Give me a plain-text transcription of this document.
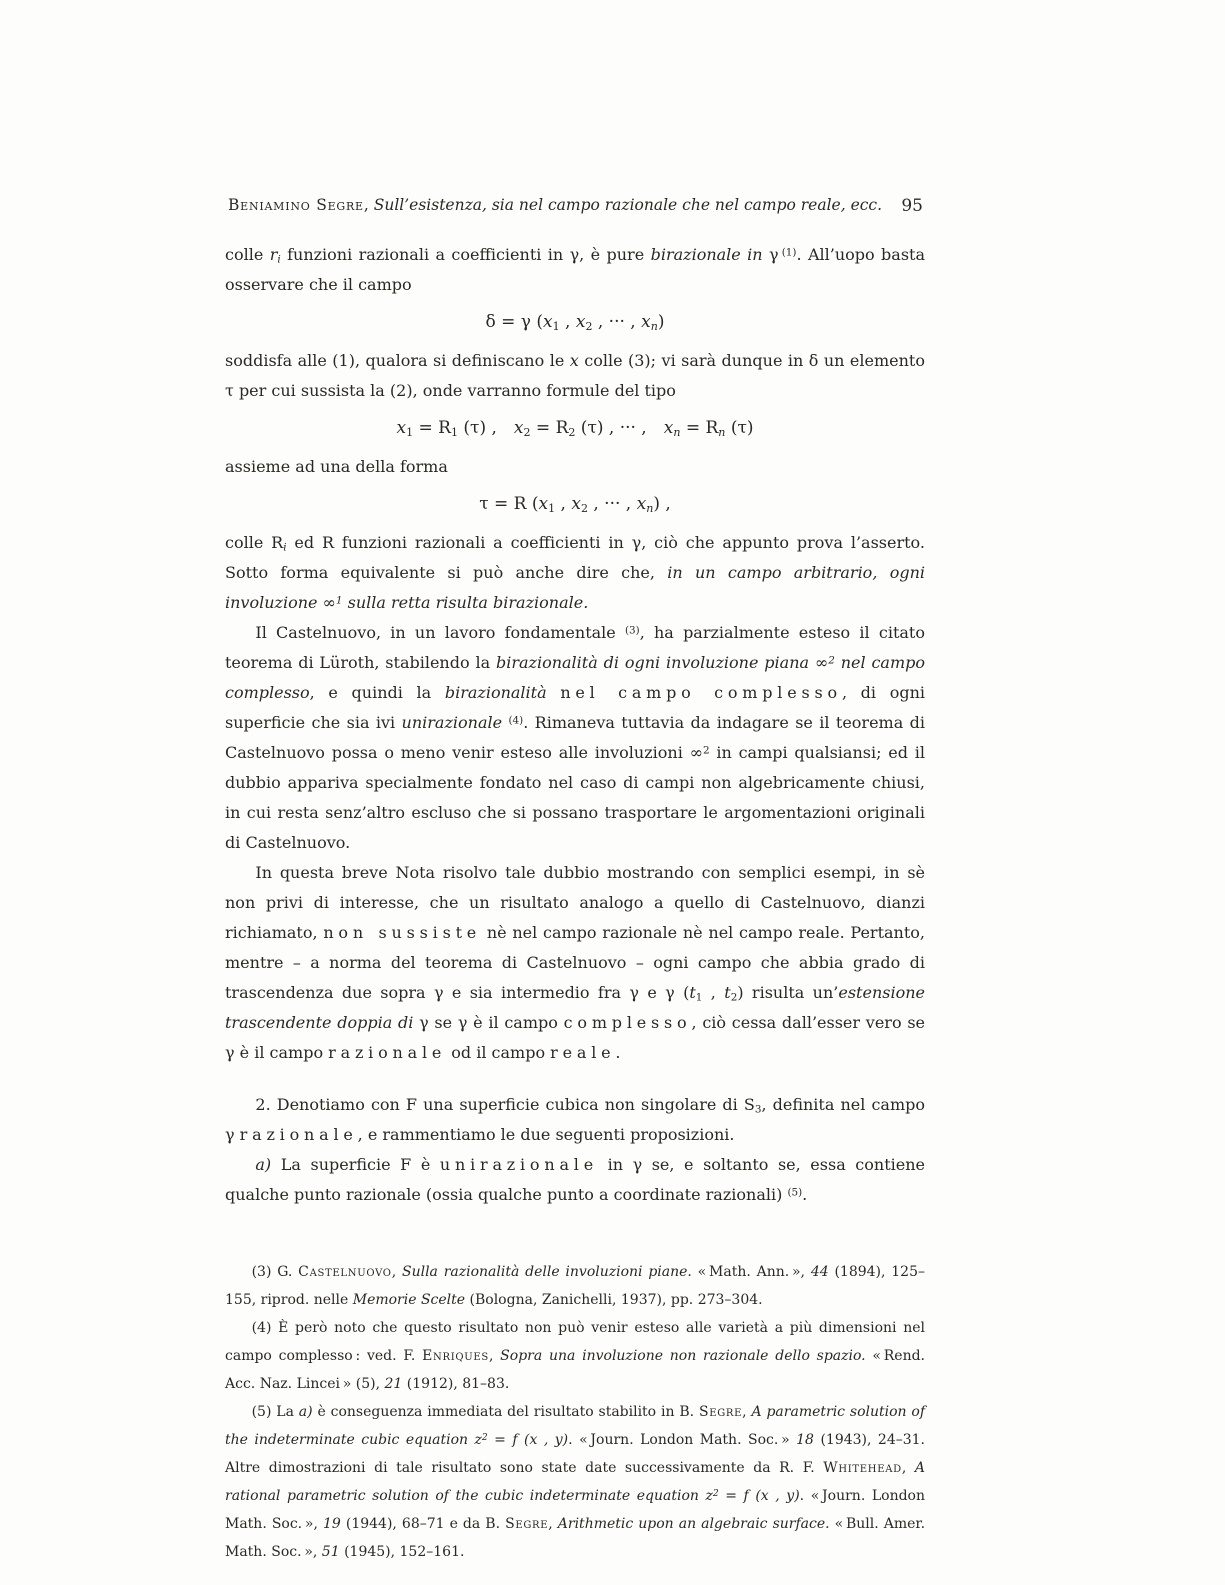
Beniamino Segre, Sull’esistenza, sia nel campo razionale che nel campo reale, ecc.	95
colle $r_i$ funzioni razionali a coefficienti in γ, è pure birazionale in γ $^{(1)}$. All’uopo basta osservare che il campo
δ = γ ($x_1$ , $x_2$ , ··· , $x_n$)
soddisfa alle (1), qualora si definiscano le x colle (3); vi sarà dunque in δ un elemento τ per cui sussista la (2), onde varranno formule del tipo
$x_1 = R_1$ (τ) , $x_2 = R_2$ (τ) , ··· , $x_n = R_n$ (τ)
assieme ad una della forma
τ = R ($x_1$ , $x_2$ , ··· , $x_n$) ,
colle $R_i$ ed R funzioni razionali a coefficienti in γ, ciò che appunto prova l’asserto. Sotto forma equivalente si può anche dire che, in un campo arbitrario, ogni involuzione ∞$^1$ sulla retta risulta birazionale.
Il Castelnuovo, in un lavoro fondamentale $^{(3)}$, ha parzialmente esteso il citato teorema di Lüroth, stabilendo la birazionalità di ogni involuzione piana ∞$^2$ nel campo complesso, e quindi la birazionalità nel campo complesso, di ogni superficie che sia ivi unirazionale $^{(4)}$. Rimaneva tuttavia da indagare se il teorema di Castelnuovo possa o meno venir esteso alle involuzioni ∞$^2$ in campi qualsiansi; ed il dubbio appariva specialmente fondato nel caso di campi non algebricamente chiusi, in cui resta senz’altro escluso che si possano trasportare le argomentazioni originali di Castelnuovo.
In questa breve Nota risolvo tale dubbio mostrando con semplici esempi, in sè non privi di interesse, che un risultato analogo a quello di Castelnuovo, dianzi richiamato, non sussiste nè nel campo razionale nè nel campo reale. Pertanto, mentre – a norma del teorema di Castelnuovo – ogni campo che abbia grado di trascendenza due sopra γ e sia intermedio fra γ e γ ($t_1$ , $t_2$) risulta un’estensione trascendente doppia di γ se γ è il campo complesso, ciò cessa dall’esser vero se γ è il campo razionale od il campo reale.
2. Denotiamo con F una superficie cubica non singolare di $S_3$, definita nel campo γ razionale, e rammentiamo le due seguenti proposizioni.
a) La superficie F è unirazionale in γ se, e soltanto se, essa contiene qualche punto razionale (ossia qualche punto a coordinate razionali) $^{(5)}$.
(3) G. Castelnuovo, Sulla razionalità delle involuzioni piane. « Math. Ann. », 44 (1894), 125–155, riprod. nelle Memorie Scelte (Bologna, Zanichelli, 1937), pp. 273–304.
(4) È però noto che questo risultato non può venir esteso alle varietà a più dimensioni nel campo complesso : ved. F. Enriques, Sopra una involuzione non razionale dello spazio. « Rend. Acc. Naz. Lincei » (5), 21 (1912), 81–83.
(5) La a) è conseguenza immediata del risultato stabilito in B. Segre, A parametric solution of the indeterminate cubic equation $z^2 = f$ (x , y). « Journ. London Math. Soc. » 18 (1943), 24–31. Altre dimostrazioni di tale risultato sono state date successivamente da R. F. Whitehead, A rational parametric solution of the cubic indeterminate equation $z^2 = f$ (x , y). « Journ. London Math. Soc. », 19 (1944), 68–71 e da B. Segre, Arithmetic upon an algebraic surface. « Bull. Amer. Math. Soc. », 51 (1945), 152–161.
